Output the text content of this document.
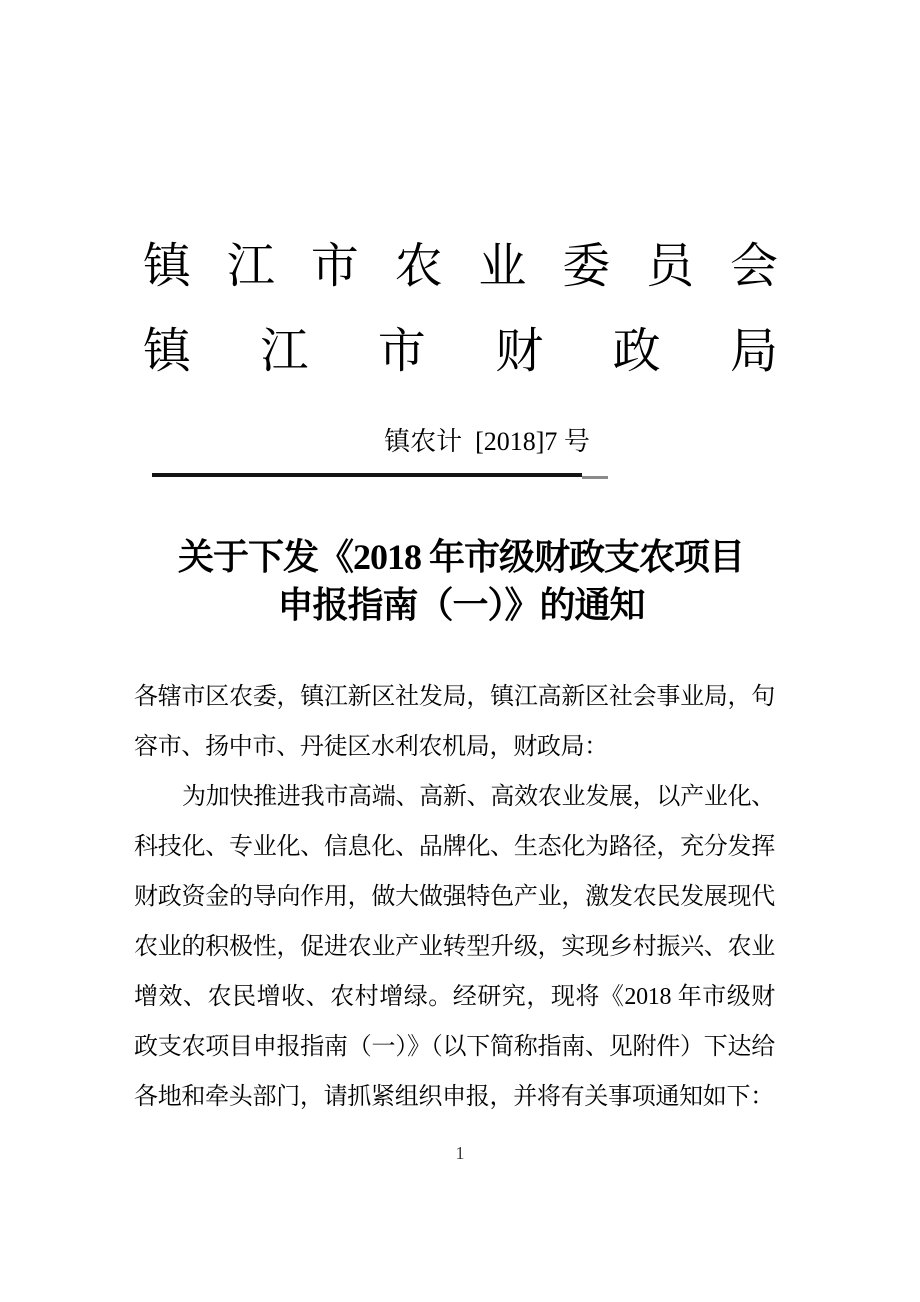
镇江市农业委员会
镇江市财政局
镇农计  [2018]7 号
关于下发《2018 年市级财政支农项目
申报指南（一）》的通知
各辖市区农委，镇江新区社发局，镇江高新区社会事业局，句
容市、扬中市、丹徒区水利农机局，财政局：
为加快推进我市高端、高新、高效农业发展，以产业化、
科技化、专业化、信息化、品牌化、生态化为路径，充分发挥
财政资金的导向作用，做大做强特色产业，激发农民发展现代
农业的积极性，促进农业产业转型升级，实现乡村振兴、农业
增效、农民增收、农村增绿。经研究，现将《2018 年市级财
政支农项目申报指南（一）》（以下简称指南、见附件）下达给
各地和牵头部门，请抓紧组织申报，并将有关事项通知如下：
1
